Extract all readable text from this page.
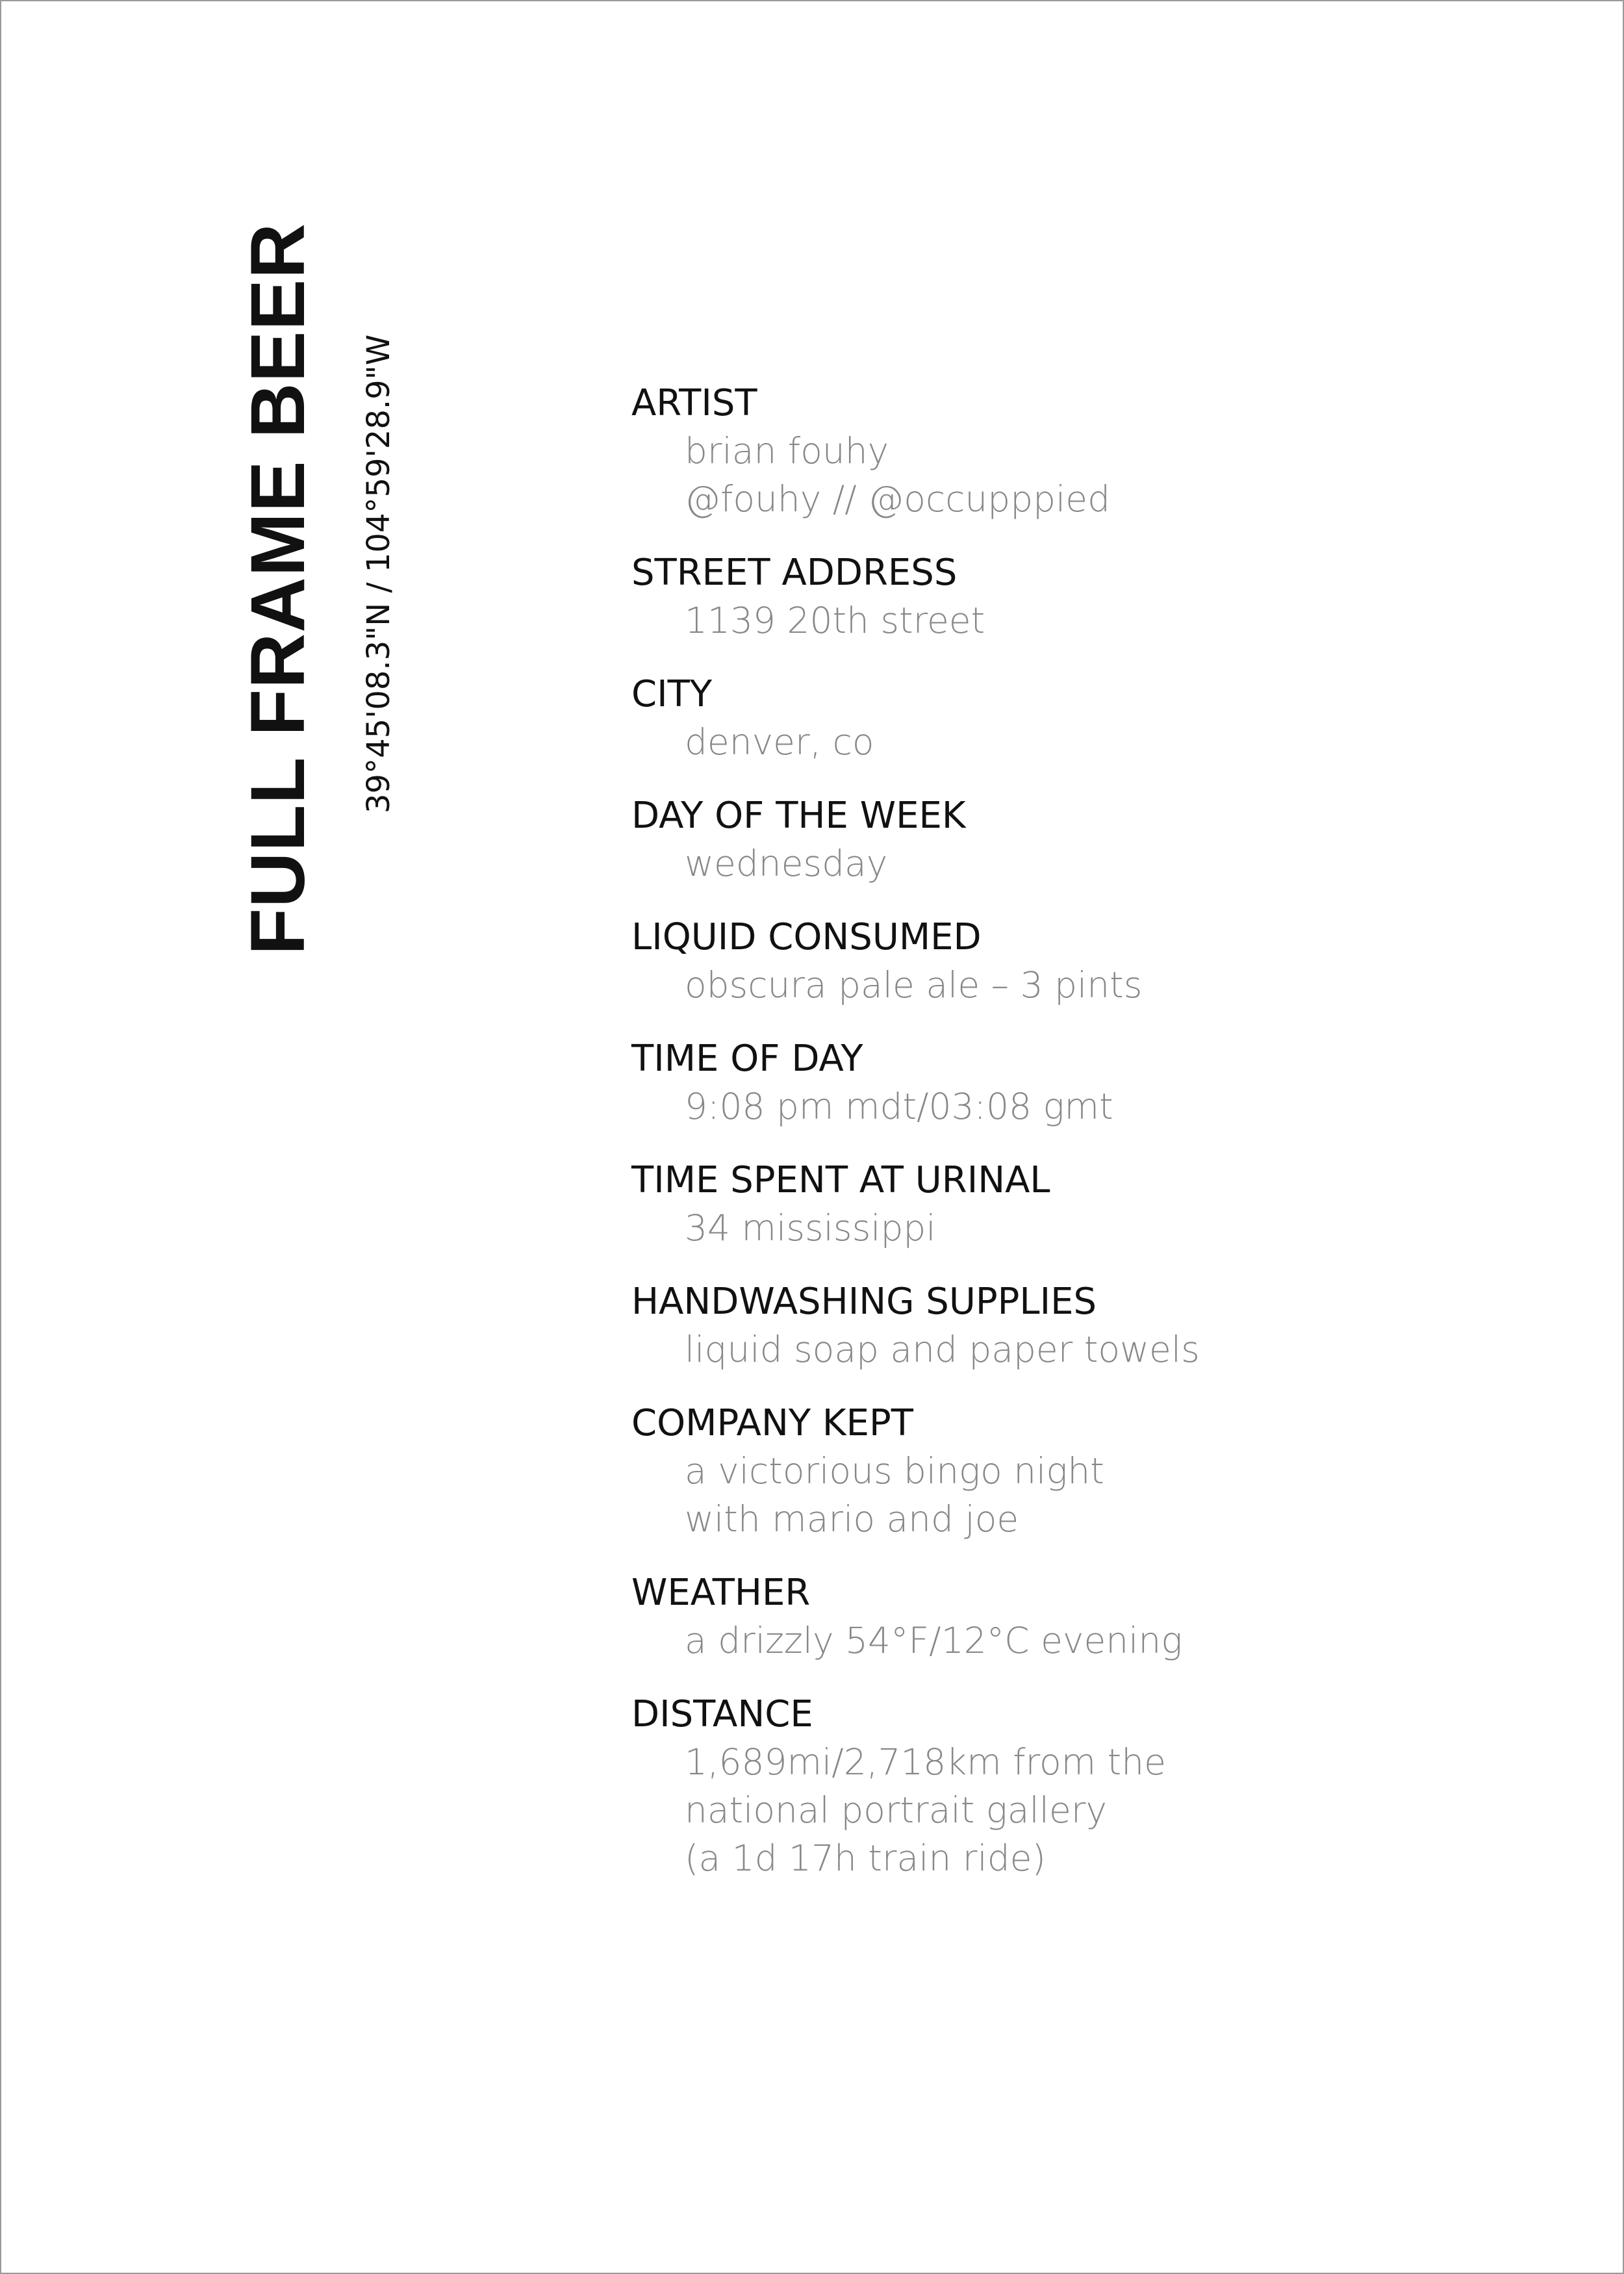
FULL FRAME BEER 39°45'08.3"N / 104°59'28.9"W	ARTIST
brian fouhy
@fouhy // @occupppied
STREET ADDRESS
1139 20th street
CITY
denver, co
DAY OF THE WEEK
wednesday
LIQUID CONSUMED
obscura pale ale – 3 pints
TIME OF DAY
9:08 pm mdt/03:08 gmt
TIME SPENT AT URINAL
34 mississippi
HANDWASHING SUPPLIES
liquid soap and paper towels
COMPANY KEPT
a victorious bingo night
with mario and joe
WEATHER
a drizzly 54°F/12°C evening
DISTANCE
1,689mi/2,718km from the
national portrait gallery
(a 1d 17h train ride)
